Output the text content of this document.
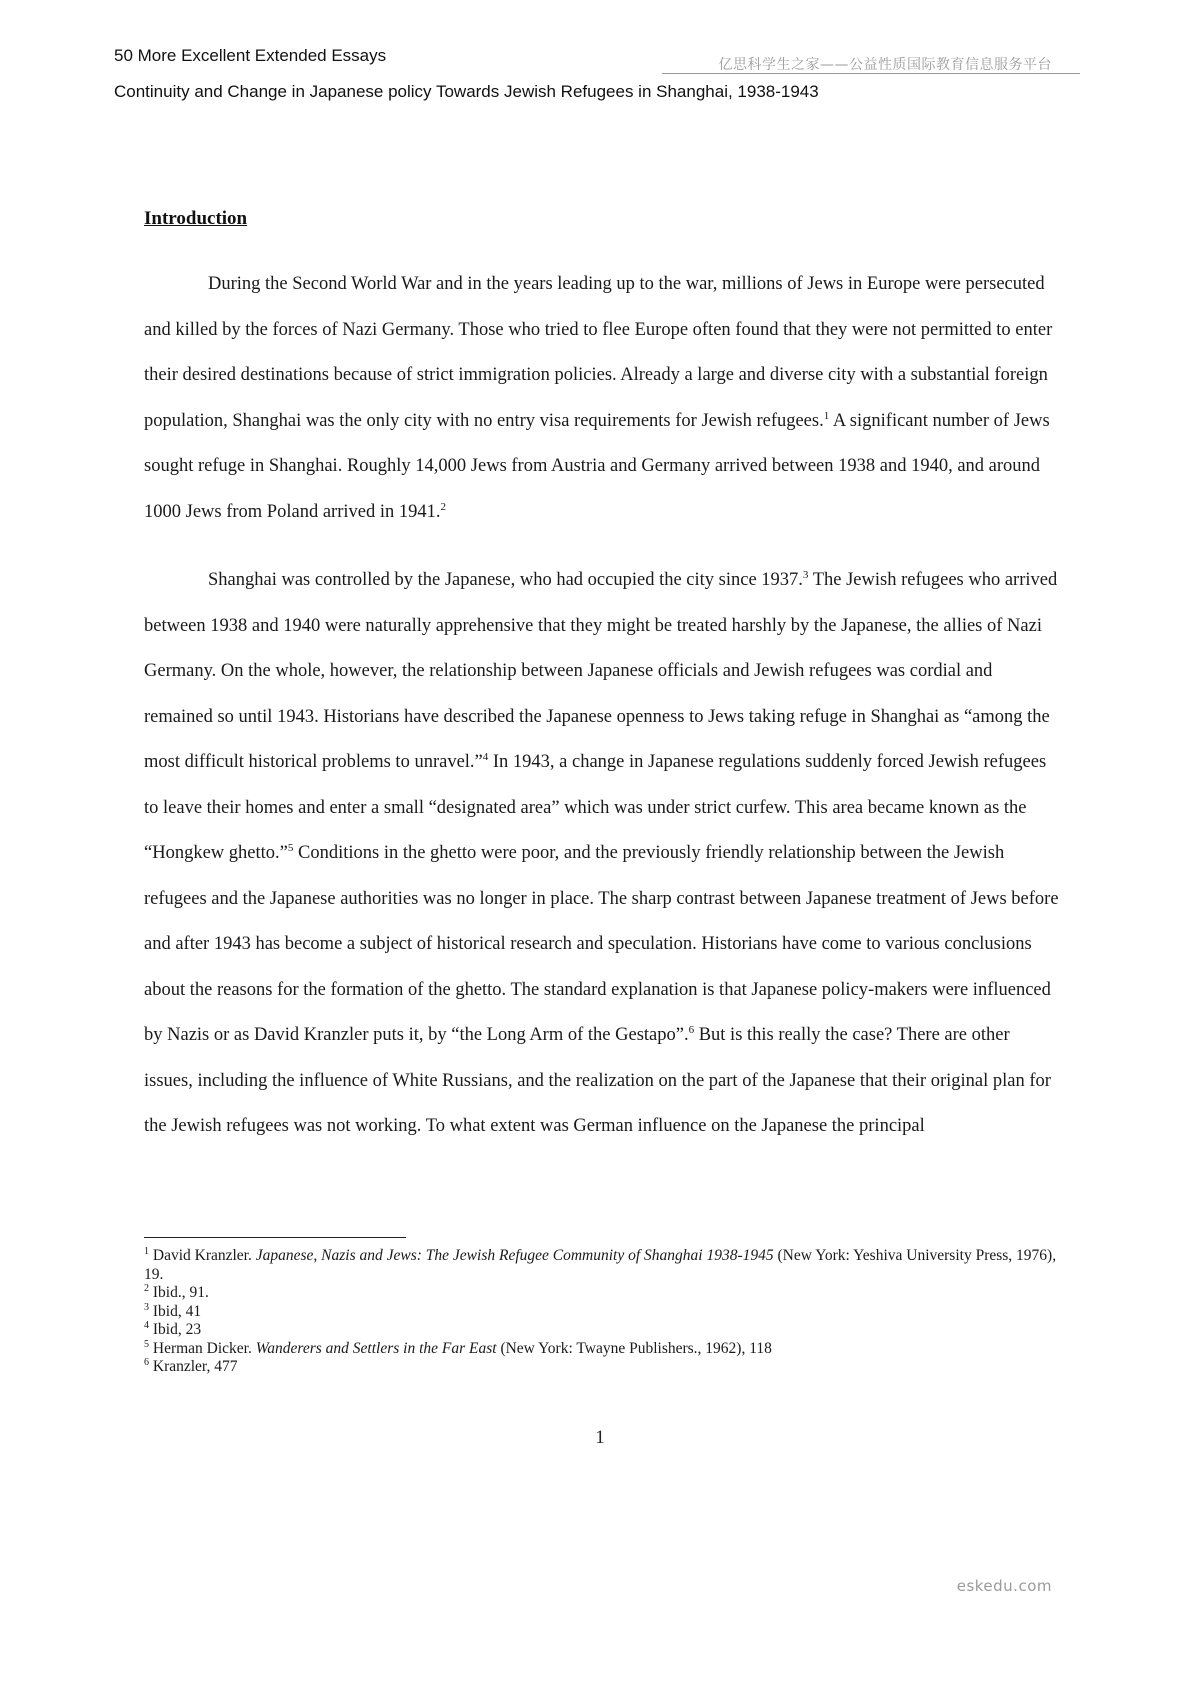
50 More Excellent Extended Essays	亿思科学生之家——公益性质国际教育信息服务平台
Continuity and Change in Japanese policy Towards Jewish Refugees in Shanghai, 1938-1943
Introduction

During the Second World War and in the years leading up to the war, millions of Jews in Europe were persecuted and killed by the forces of Nazi Germany. Those who tried to flee Europe often found that they were not permitted to enter their desired destinations because of strict immigration policies. Already a large and diverse city with a substantial foreign population, Shanghai was the only city with no entry visa requirements for Jewish refugees.$^1$ A significant number of Jews sought refuge in Shanghai. Roughly 14,000 Jews from Austria and Germany arrived between 1938 and 1940, and around 1000 Jews from Poland arrived in 1941.$^2$

Shanghai was controlled by the Japanese, who had occupied the city since 1937.$^3$ The Jewish refugees who arrived between 1938 and 1940 were naturally apprehensive that they might be treated harshly by the Japanese, the allies of Nazi Germany. On the whole, however, the relationship between Japanese officials and Jewish refugees was cordial and remained so until 1943. Historians have described the Japanese openness to Jews taking refuge in Shanghai as “among the most difficult historical problems to unravel.”$^4$ In 1943, a change in Japanese regulations suddenly forced Jewish refugees to leave their homes and enter a small “designated area” which was under strict curfew. This area became known as the “Hongkew ghetto.”$^5$ Conditions in the ghetto were poor, and the previously friendly relationship between the Jewish refugees and the Japanese authorities was no longer in place. The sharp contrast between Japanese treatment of Jews before and after 1943 has become a subject of historical research and speculation. Historians have come to various conclusions about the reasons for the formation of the ghetto. The standard explanation is that Japanese policy-makers were influenced by Nazis or as David Kranzler puts it, by “the Long Arm of the Gestapo”.$^6$ But is this really the case? There are other issues, including the influence of White Russians, and the realization on the part of the Japanese that their original plan for the Jewish refugees was not working. To what extent was German influence on the Japanese the principal

$^1$ David Kranzler. Japanese, Nazis and Jews: The Jewish Refugee Community of Shanghai 1938-1945 (New York: Yeshiva University Press, 1976), 19.

$^2$ Ibid., 91.

$^3$ Ibid, 41

$^4$ Ibid, 23

$^5$ Herman Dicker. Wanderers and Settlers in the Far East (New York: Twayne Publishers., 1962), 118

$^6$ Kranzler, 477

1
eskedu.com
